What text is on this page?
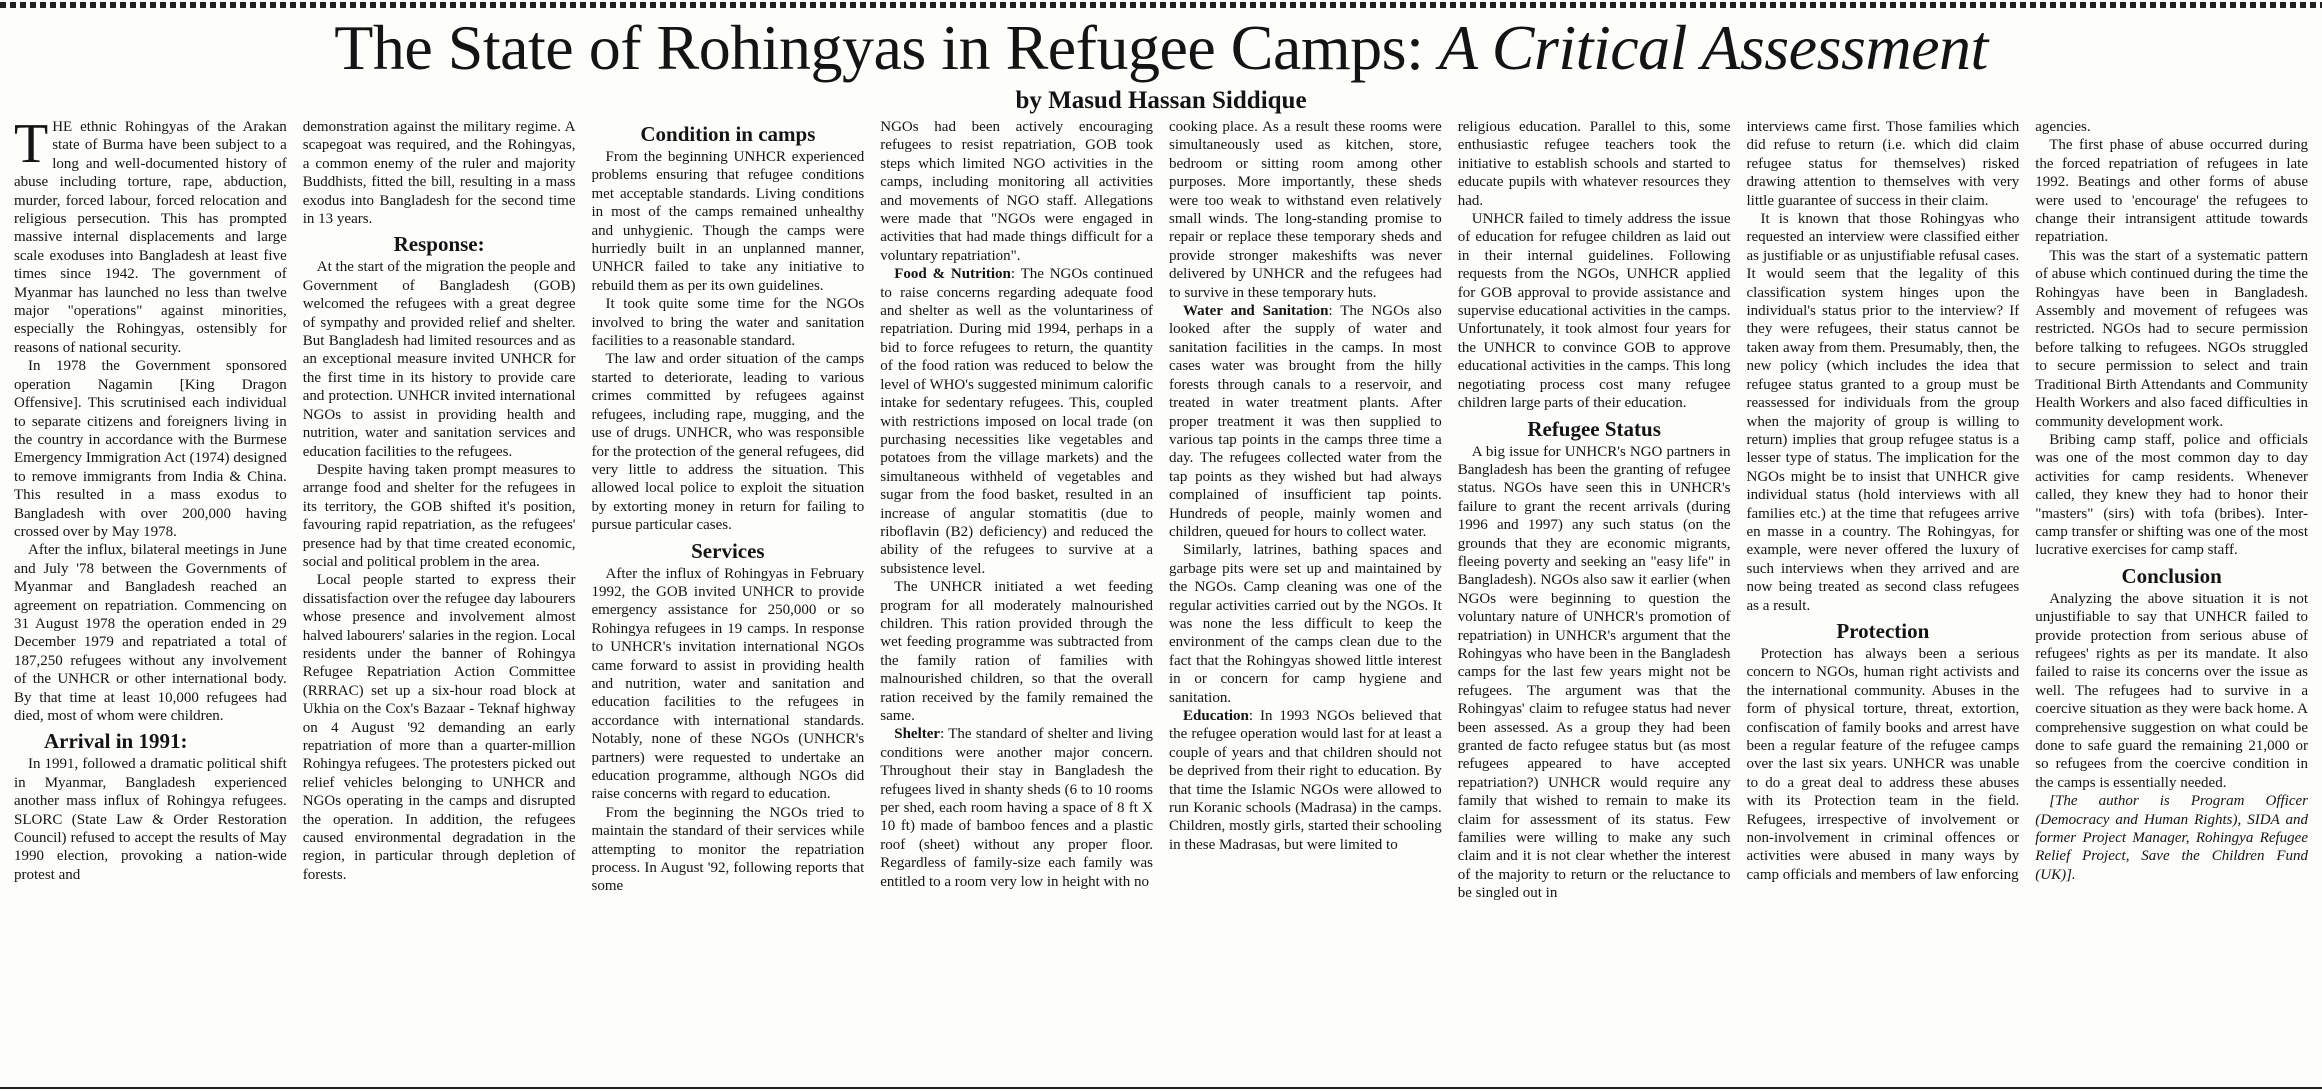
The State of Rohingyas in Refugee Camps: A Critical Assessment
by Masud Hassan Siddique

THE ethnic Rohingyas of the Arakan state of Burma have been subject to a long and well-documented history of abuse including torture, rape, abduction, murder, forced labour, forced relocation and religious persecution. This has prompted massive internal displacements and large scale exoduses into Bangladesh at least five times since 1942. The government of Myanmar has launched no less than twelve major "operations" against minorities, especially the Rohingyas, ostensibly for reasons of national security.

In 1978 the Government sponsored operation Nagamin [King Dragon Offensive]. This scrutinised each individual to separate citizens and foreigners living in the country in accordance with the Burmese Emergency Immigration Act (1974) designed to remove immigrants from India & China. This resulted in a mass exodus to Bangladesh with over 200,000 having crossed over by May 1978.

After the influx, bilateral meetings in June and July '78 between the Governments of Myanmar and Bangladesh reached an agreement on repatriation. Commencing on 31 August 1978 the operation ended in 29 December 1979 and repatriated a total of 187,250 refugees without any involvement of the UNHCR or other international body. By that time at least 10,000 refugees had died, most of whom were children.

Arrival in 1991:

In 1991, followed a dramatic political shift in Myanmar, Bangladesh experienced another mass influx of Rohingya refugees. SLORC (State Law & Order Restoration Council) refused to accept the results of May 1990 election, provoking a nation-wide protest and

demonstration against the military regime. A scapegoat was required, and the Rohingyas, a common enemy of the ruler and majority Buddhists, fitted the bill, resulting in a mass exodus into Bangladesh for the second time in 13 years.

Response:

At the start of the migration the people and Government of Bangladesh (GOB) welcomed the refugees with a great degree of sympathy and provided relief and shelter. But Bangladesh had limited resources and as an exceptional measure invited UNHCR for the first time in its history to provide care and protection. UNHCR invited international NGOs to assist in providing health and nutrition, water and sanitation services and education facilities to the refugees.

Despite having taken prompt measures to arrange food and shelter for the refugees in its territory, the GOB shifted it's position, favouring rapid repatriation, as the refugees' presence had by that time created economic, social and political problem in the area.

Local people started to express their dissatisfaction over the refugee day labourers whose presence and involvement almost halved labourers' salaries in the region. Local residents under the banner of Rohingya Refugee Repatriation Action Committee (RRRAC) set up a six-hour road block at Ukhia on the Cox's Bazaar - Teknaf highway on 4 August '92 demanding an early repatriation of more than a quarter-million Rohingya refugees. The protesters picked out relief vehicles belonging to UNHCR and NGOs operating in the camps and disrupted the operation. In addition, the refugees caused environmental degradation in the region, in particular through depletion of forests.

Condition in camps

From the beginning UNHCR experienced problems ensuring that refugee conditions met acceptable standards. Living conditions in most of the camps remained unhealthy and unhygienic. Though the camps were hurriedly built in an unplanned manner, UNHCR failed to take any initiative to rebuild them as per its own guidelines.

It took quite some time for the NGOs involved to bring the water and sanitation facilities to a reasonable standard.

The law and order situation of the camps started to deteriorate, leading to various crimes committed by refugees against refugees, including rape, mugging, and the use of drugs. UNHCR, who was responsible for the protection of the general refugees, did very little to address the situation. This allowed local police to exploit the situation by extorting money in return for failing to pursue particular cases.

Services

After the influx of Rohingyas in February 1992, the GOB invited UNHCR to provide emergency assistance for 250,000 or so Rohingya refugees in 19 camps. In response to UNHCR's invitation international NGOs came forward to assist in providing health and nutrition, water and sanitation and education facilities to the refugees in accordance with international standards. Notably, none of these NGOs (UNHCR's partners) were requested to undertake an education programme, although NGOs did raise concerns with regard to education.

From the beginning the NGOs tried to maintain the standard of their services while attempting to monitor the repatriation process. In August '92, following reports that some

NGOs had been actively encouraging refugees to resist repatriation, GOB took steps which limited NGO activities in the camps, including monitoring all activities and movements of NGO staff. Allegations were made that "NGOs were engaged in activities that had made things difficult for a voluntary repatriation".

Food & Nutrition: The NGOs continued to raise concerns regarding adequate food and shelter as well as the voluntariness of repatriation. During mid 1994, perhaps in a bid to force refugees to return, the quantity of the food ration was reduced to below the level of WHO's suggested minimum calorific intake for sedentary refugees. This, coupled with restrictions imposed on local trade (on purchasing necessities like vegetables and potatoes from the village markets) and the simultaneous withheld of vegetables and sugar from the food basket, resulted in an increase of angular stomatitis (due to riboflavin (B2) deficiency) and reduced the ability of the refugees to survive at a subsistence level.

The UNHCR initiated a wet feeding program for all moderately malnourished children. This ration provided through the wet feeding programme was subtracted from the family ration of families with malnourished children, so that the overall ration received by the family remained the same.

Shelter: The standard of shelter and living conditions were another major concern. Throughout their stay in Bangladesh the refugees lived in shanty sheds (6 to 10 rooms per shed, each room having a space of 8 ft X 10 ft) made of bamboo fences and a plastic roof (sheet) without any proper floor. Regardless of family-size each family was entitled to a room very low in height with no

cooking place. As a result these rooms were simultaneously used as kitchen, store, bedroom or sitting room among other purposes. More importantly, these sheds were too weak to withstand even relatively small winds. The long-standing promise to repair or replace these temporary sheds and provide stronger makeshifts was never delivered by UNHCR and the refugees had to survive in these temporary huts.

Water and Sanitation: The NGOs also looked after the supply of water and sanitation facilities in the camps. In most cases water was brought from the hilly forests through canals to a reservoir, and treated in water treatment plants. After proper treatment it was then supplied to various tap points in the camps three time a day. The refugees collected water from the tap points as they wished but had always complained of insufficient tap points. Hundreds of people, mainly women and children, queued for hours to collect water.

Similarly, latrines, bathing spaces and garbage pits were set up and maintained by the NGOs. Camp cleaning was one of the regular activities carried out by the NGOs. It was none the less difficult to keep the environment of the camps clean due to the fact that the Rohingyas showed little interest in or concern for camp hygiene and sanitation.

Education: In 1993 NGOs believed that the refugee operation would last for at least a couple of years and that children should not be deprived from their right to education. By that time the Islamic NGOs were allowed to run Koranic schools (Madrasa) in the camps. Children, mostly girls, started their schooling in these Madrasas, but were limited to

religious education. Parallel to this, some enthusiastic refugee teachers took the initiative to establish schools and started to educate pupils with whatever resources they had.

UNHCR failed to timely address the issue of education for refugee children as laid out in their internal guidelines. Following requests from the NGOs, UNHCR applied for GOB approval to provide assistance and supervise educational activities in the camps. Unfortunately, it took almost four years for the UNHCR to convince GOB to approve educational activities in the camps. This long negotiating process cost many refugee children large parts of their education.

Refugee Status

A big issue for UNHCR's NGO partners in Bangladesh has been the granting of refugee status. NGOs have seen this in UNHCR's failure to grant the recent arrivals (during 1996 and 1997) any such status (on the grounds that they are economic migrants, fleeing poverty and seeking an "easy life" in Bangladesh). NGOs also saw it earlier (when NGOs were beginning to question the voluntary nature of UNHCR's promotion of repatriation) in UNHCR's argument that the Rohingyas who have been in the Bangladesh camps for the last few years might not be refugees. The argument was that the Rohingyas' claim to refugee status had never been assessed. As a group they had been granted de facto refugee status but (as most refugees appeared to have accepted repatriation?) UNHCR would require any family that wished to remain to make its claim for assessment of its status. Few families were willing to make any such claim and it is not clear whether the interest of the majority to return or the reluctance to be singled out in

interviews came first. Those families which did refuse to return (i.e. which did claim refugee status for themselves) risked drawing attention to themselves with very little guarantee of success in their claim.

It is known that those Rohingyas who requested an interview were classified either as justifiable or as unjustifiable refusal cases. It would seem that the legality of this classification system hinges upon the individual's status prior to the interview? If they were refugees, their status cannot be taken away from them. Presumably, then, the new policy (which includes the idea that refugee status granted to a group must be reassessed for individuals from the group when the majority of group is willing to return) implies that group refugee status is a lesser type of status. The implication for the NGOs might be to insist that UNHCR give individual status (hold interviews with all families etc.) at the time that refugees arrive en masse in a country. The Rohingyas, for example, were never offered the luxury of such interviews when they arrived and are now being treated as second class refugees as a result.

Protection

Protection has always been a serious concern to NGOs, human right activists and the international community. Abuses in the form of physical torture, threat, extortion, confiscation of family books and arrest have been a regular feature of the refugee camps over the last six years. UNHCR was unable to do a great deal to address these abuses with its Protection team in the field. Refugees, irrespective of involvement or non-involvement in criminal offences or activities were abused in many ways by camp officials and members of law enforcing

agencies.

The first phase of abuse occurred during the forced repatriation of refugees in late 1992. Beatings and other forms of abuse were used to 'encourage' the refugees to change their intransigent attitude towards repatriation.

This was the start of a systematic pattern of abuse which continued during the time the Rohingyas have been in Bangladesh. Assembly and movement of refugees was restricted. NGOs had to secure permission before talking to refugees. NGOs struggled to secure permission to select and train Traditional Birth Attendants and Community Health Workers and also faced difficulties in community development work.

Bribing camp staff, police and officials was one of the most common day to day activities for camp residents. Whenever called, they knew they had to honor their "masters" (sirs) with tofa (bribes). Inter-camp transfer or shifting was one of the most lucrative exercises for camp staff.

Conclusion

Analyzing the above situation it is not unjustifiable to say that UNHCR failed to provide protection from serious abuse of refugees' rights as per its mandate. It also failed to raise its concerns over the issue as well. The refugees had to survive in a coercive situation as they were back home. A comprehensive suggestion on what could be done to safe guard the remaining 21,000 or so refugees from the coercive condition in the camps is essentially needed.

[The author is Program Officer (Democracy and Human Rights), SIDA and former Project Manager, Rohingya Refugee Relief Project, Save the Children Fund (UK)].
